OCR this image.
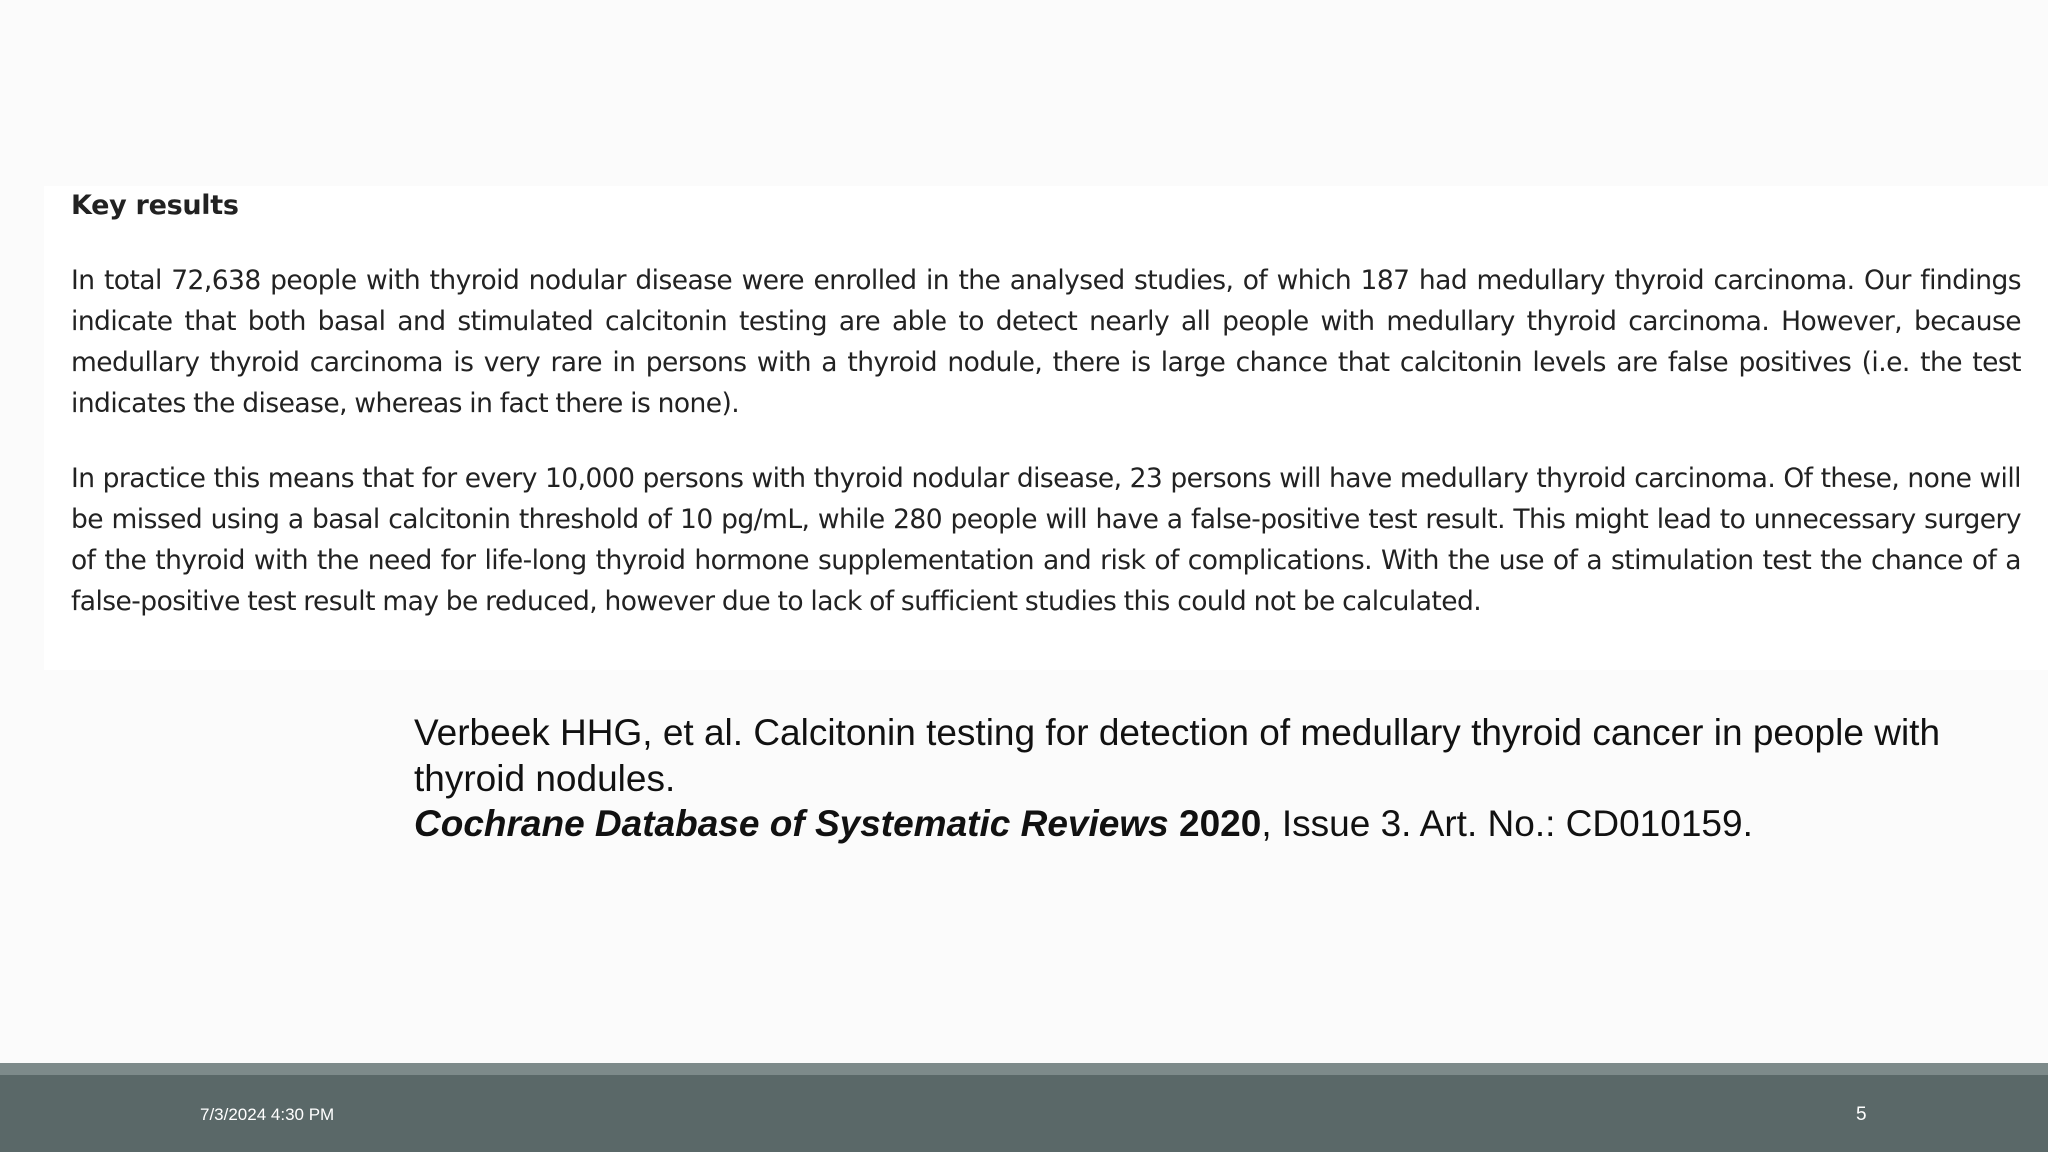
Key results

In total 72,638 people with thyroid nodular disease were enrolled in the analysed studies, of which 187 had medullary thyroid carcinoma. Our findings indicate that both basal and stimulated calcitonin testing are able to detect nearly all people with medullary thyroid carcinoma. However, because medullary thyroid carcinoma is very rare in persons with a thyroid nodule, there is large chance that calcitonin levels are false positives (i.e. the test indicates the disease, whereas in fact there is none).

In practice this means that for every 10,000 persons with thyroid nodular disease, 23 persons will have medullary thyroid carcinoma. Of these, none will be missed using a basal calcitonin threshold of 10 pg/mL, while 280 people will have a false-positive test result. This might lead to unnecessary surgery of the thyroid with the need for life-long thyroid hormone supplementation and risk of complications. With the use of a stimulation test the chance of a false-positive test result may be reduced, however due to lack of sufficient studies this could not be calculated.

Verbeek HHG, et al. Calcitonin testing for detection of medullary thyroid cancer in people with thyroid nodules.
Cochrane Database of Systematic Reviews 2020, Issue 3. Art. No.: CD010159.
7/3/2024 4:30 PM	5
